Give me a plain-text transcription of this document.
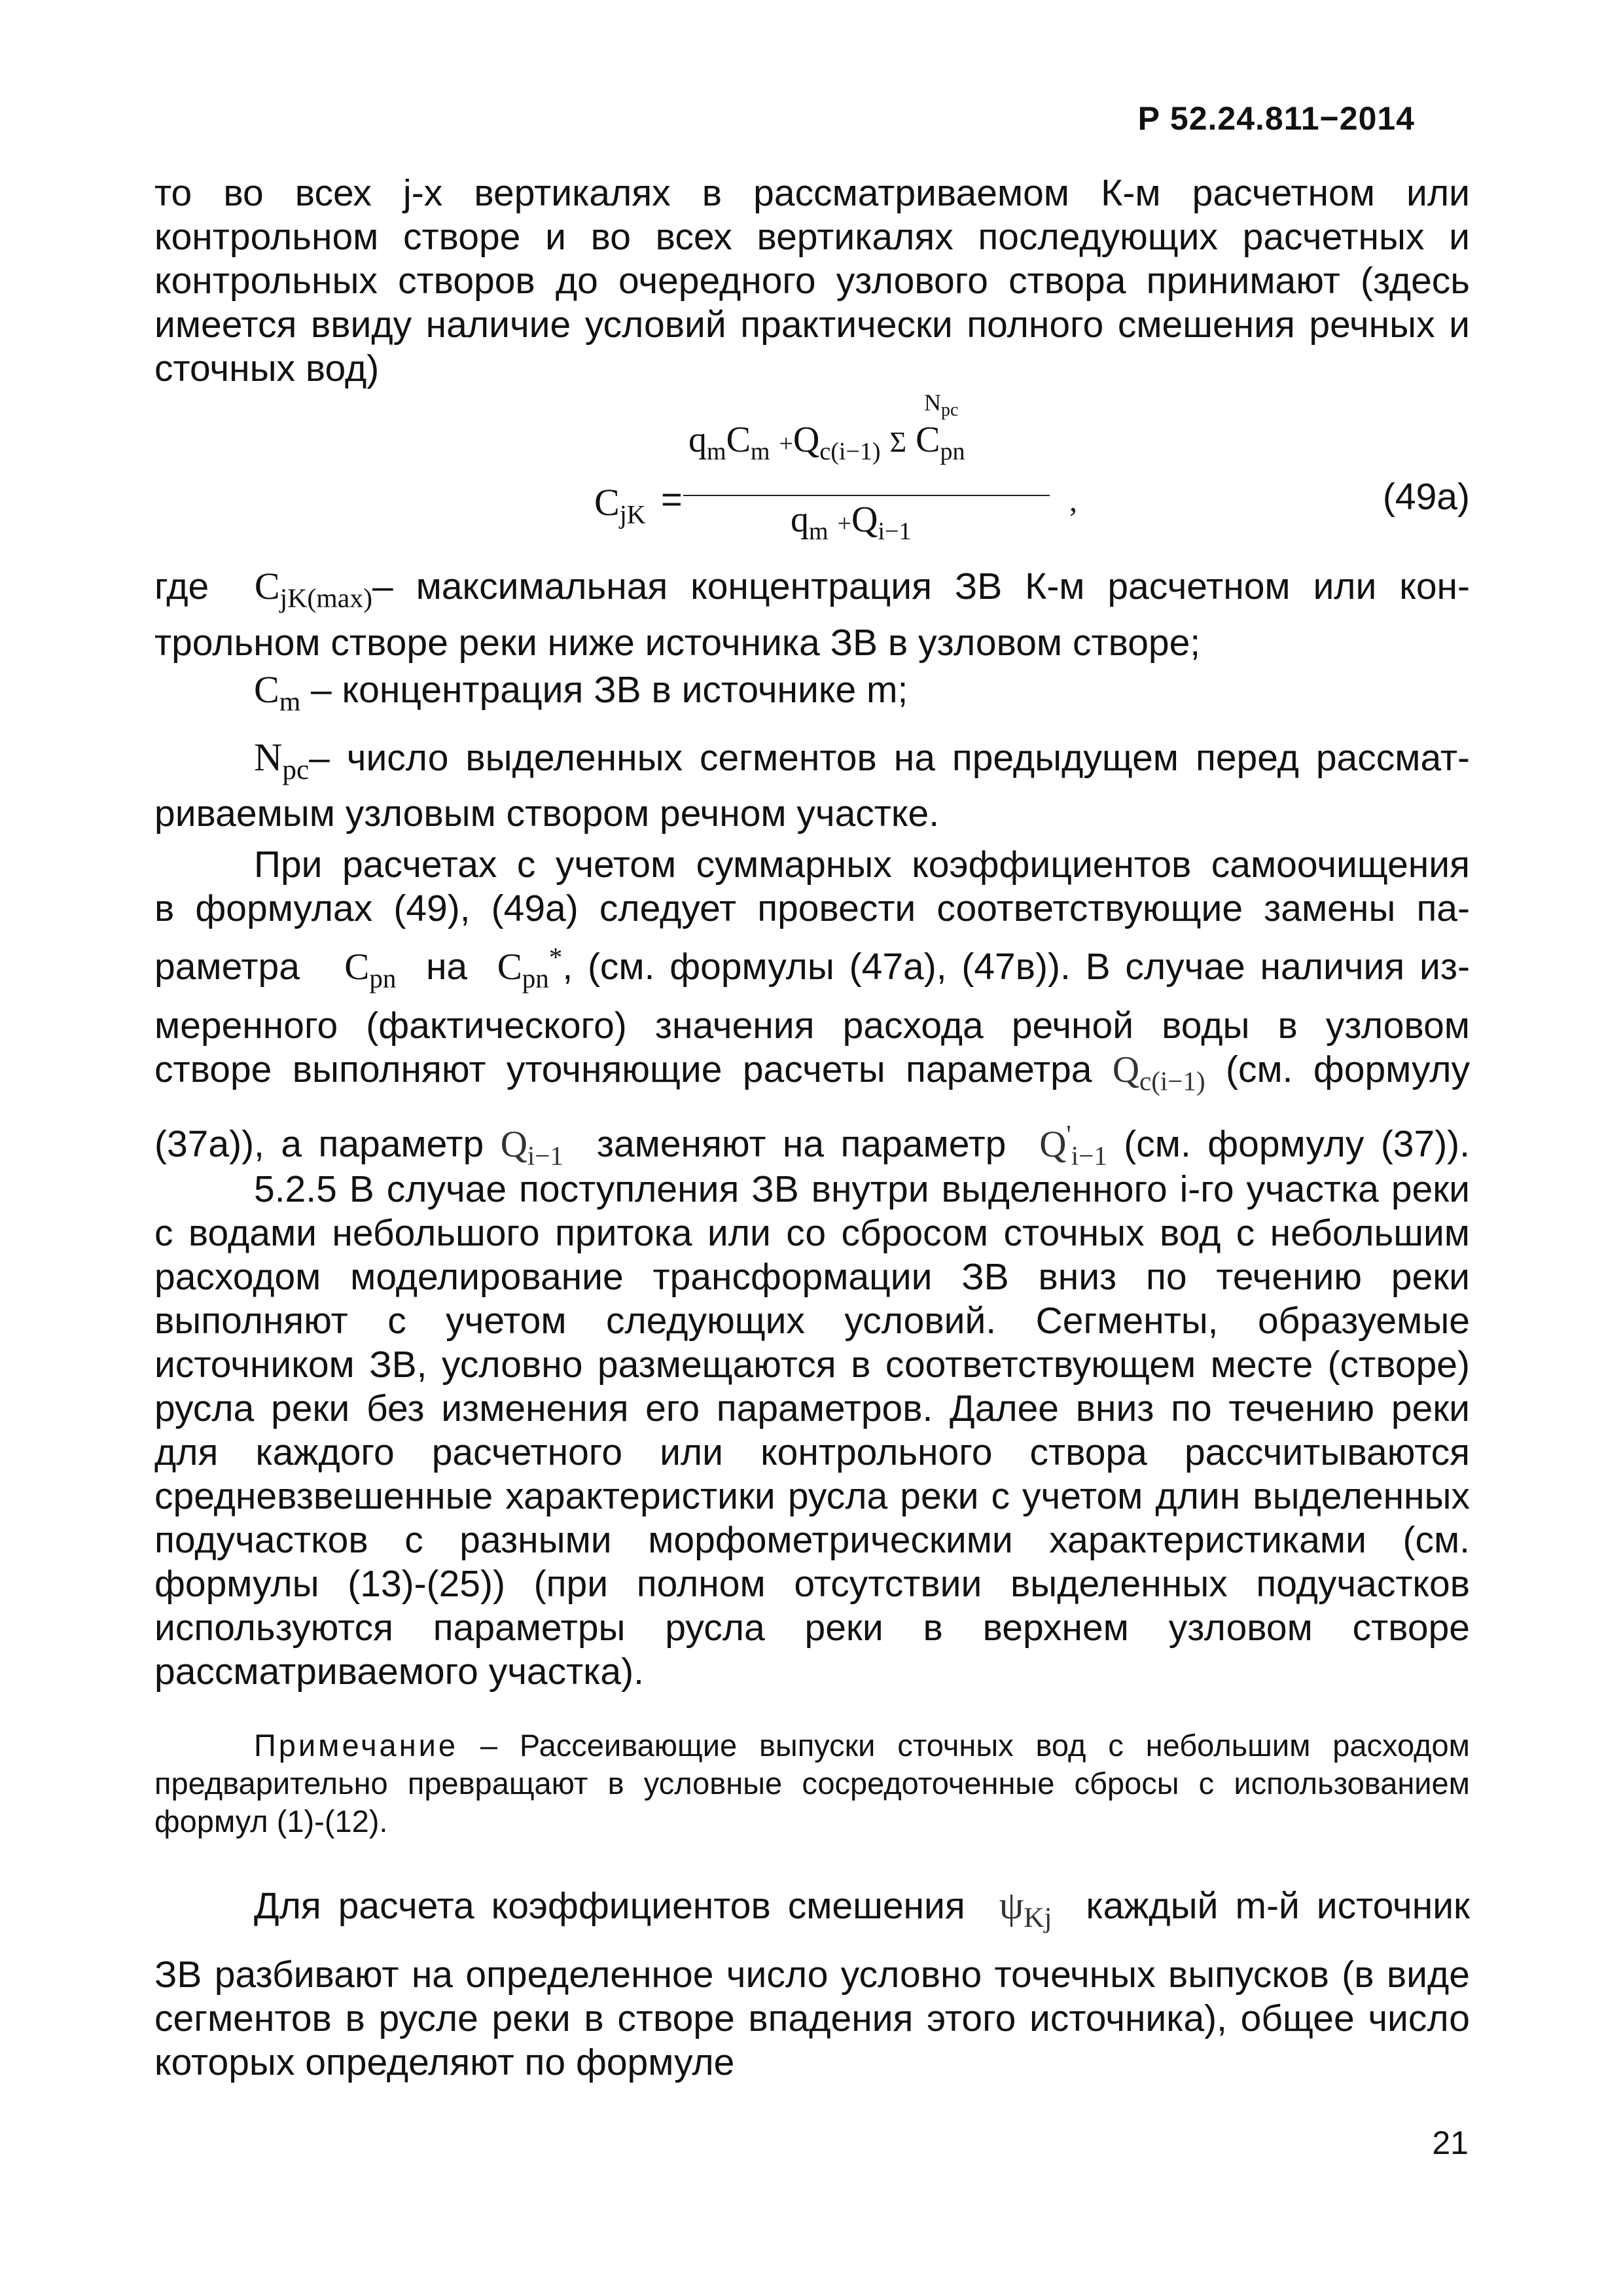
Р 52.24.811−2014

то во всех j-х вертикалях в рассматриваемом К-м расчетном или контрольном створе и во всех вертикалях последующих расчетных и контрольных створов до очередного узлового створа принимают (здесь имеется ввиду наличие условий практически полного смешения речных и сточных вод)

$C_{jK}$ =
$N_{pc}$
$q_mC_m +Q_{c(i-1)}$ Σ $C_{pn}$
$q_m +Q_{i-1}$
,	(49а)

где $C_{jK(max)}-$ максимальная концентрация ЗВ К-м расчетном или кон-

трольном створе реки ниже источника ЗВ в узловом створе;

$C_m$ – концентрация ЗВ в источнике m;

$N_{pc}-$ число выделенных сегментов на предыдущем перед рассмат-

риваемым узловым створом речном участке.

При расчетах с учетом суммарных коэффициентов самоочищения

в формулах (49), (49а) следует провести соответствующие замены па-

раметра $C_{pn}$ на $C_{pn}^*$, (см. формулы (47а), (47в)). В случае наличия из-

меренного (фактического) значения расхода речной воды в узловом

створе выполняют уточняющие расчеты параметра $Q_{c(i-1)}$ (см. формулу

(37а)), а параметр $Q_{i-1}$ заменяют на параметр $Q'_{i-1}$ (см. формулу (37)).

5.2.5 В случае поступления ЗВ внутри выделенного i-го участка реки с водами небольшого притока или со сбросом сточных вод с небольшим расходом моделирование трансформации ЗВ вниз по течению реки выполняют с учетом следующих условий. Сегменты, образуемые источником ЗВ, условно размещаются в соответствующем месте (створе) русла реки без изменения его параметров. Далее вниз по течению реки для каждого расчетного или контрольного створа рассчитываются средневзвешенные характеристики русла реки с учетом длин выделенных подучастков с разными морфометрическими характеристиками (см. формулы (13)-(25)) (при полном отсутствии выделенных подучастков используются параметры русла реки в верхнем узловом створе рассматриваемого участка).

Примечание – Рассеивающие выпуски сточных вод с небольшим расходом предварительно превращают в условные сосредоточенные сбросы с использованием формул (1)-(12).

Для расчета коэффициентов смешения $\psi_{Kj}$ каждый m-й источник

ЗВ разбивают на определенное число условно точечных выпусков (в виде сегментов в русле реки в створе впадения этого источника), общее число которых определяют по формуле

21
